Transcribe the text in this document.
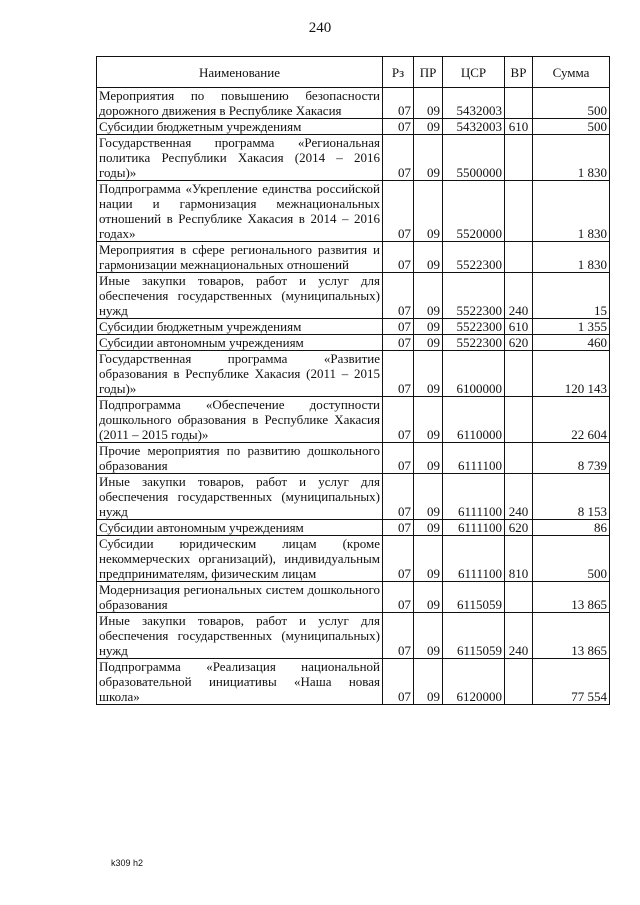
240
Наименование	Рз	ПР	ЦСР	ВР	Сумма
Мероприятия по повышению безопасности дорожного движения в Республике Хакасия	07	09	5432003		500
Субсидии бюджетным учреждениям	07	09	5432003	610	500
Государственная программа «Региональная политика Республики Хакасия (2014 – 2016 годы)»	07	09	5500000		1 830
Подпрограмма «Укрепление единства российской нации и гармонизация межнациональных отношений в Республике Хакасия в 2014 – 2016 годах»	07	09	5520000		1 830
Мероприятия в сфере регионального развития и гармонизации межнациональных отношений	07	09	5522300		1 830
Иные закупки товаров, работ и услуг для обеспечения государственных (муниципальных) нужд	07	09	5522300	240	15
Субсидии бюджетным учреждениям	07	09	5522300	610	1 355
Субсидии автономным учреждениям	07	09	5522300	620	460
Государственная программа «Развитие образования в Республике Хакасия (2011 – 2015 годы)»	07	09	6100000		120 143
Подпрограмма «Обеспечение доступности дошкольного образования в Республике Хакасия (2011 – 2015 годы)»	07	09	6110000		22 604
Прочие мероприятия по развитию дошкольного образования	07	09	6111100		8 739
Иные закупки товаров, работ и услуг для обеспечения государственных (муниципальных) нужд	07	09	6111100	240	8 153
Субсидии автономным учреждениям	07	09	6111100	620	86
Субсидии юридическим лицам (кроме некоммерческих организаций), индивидуальным предпринимателям, физическим лицам	07	09	6111100	810	500
Модернизация региональных систем дошкольного образования	07	09	6115059		13 865
Иные закупки товаров, работ и услуг для обеспечения государственных (муниципальных) нужд	07	09	6115059	240	13 865
Подпрограмма «Реализация национальной образовательной инициативы «Наша новая школа»	07	09	6120000		77 554
k309 h2
